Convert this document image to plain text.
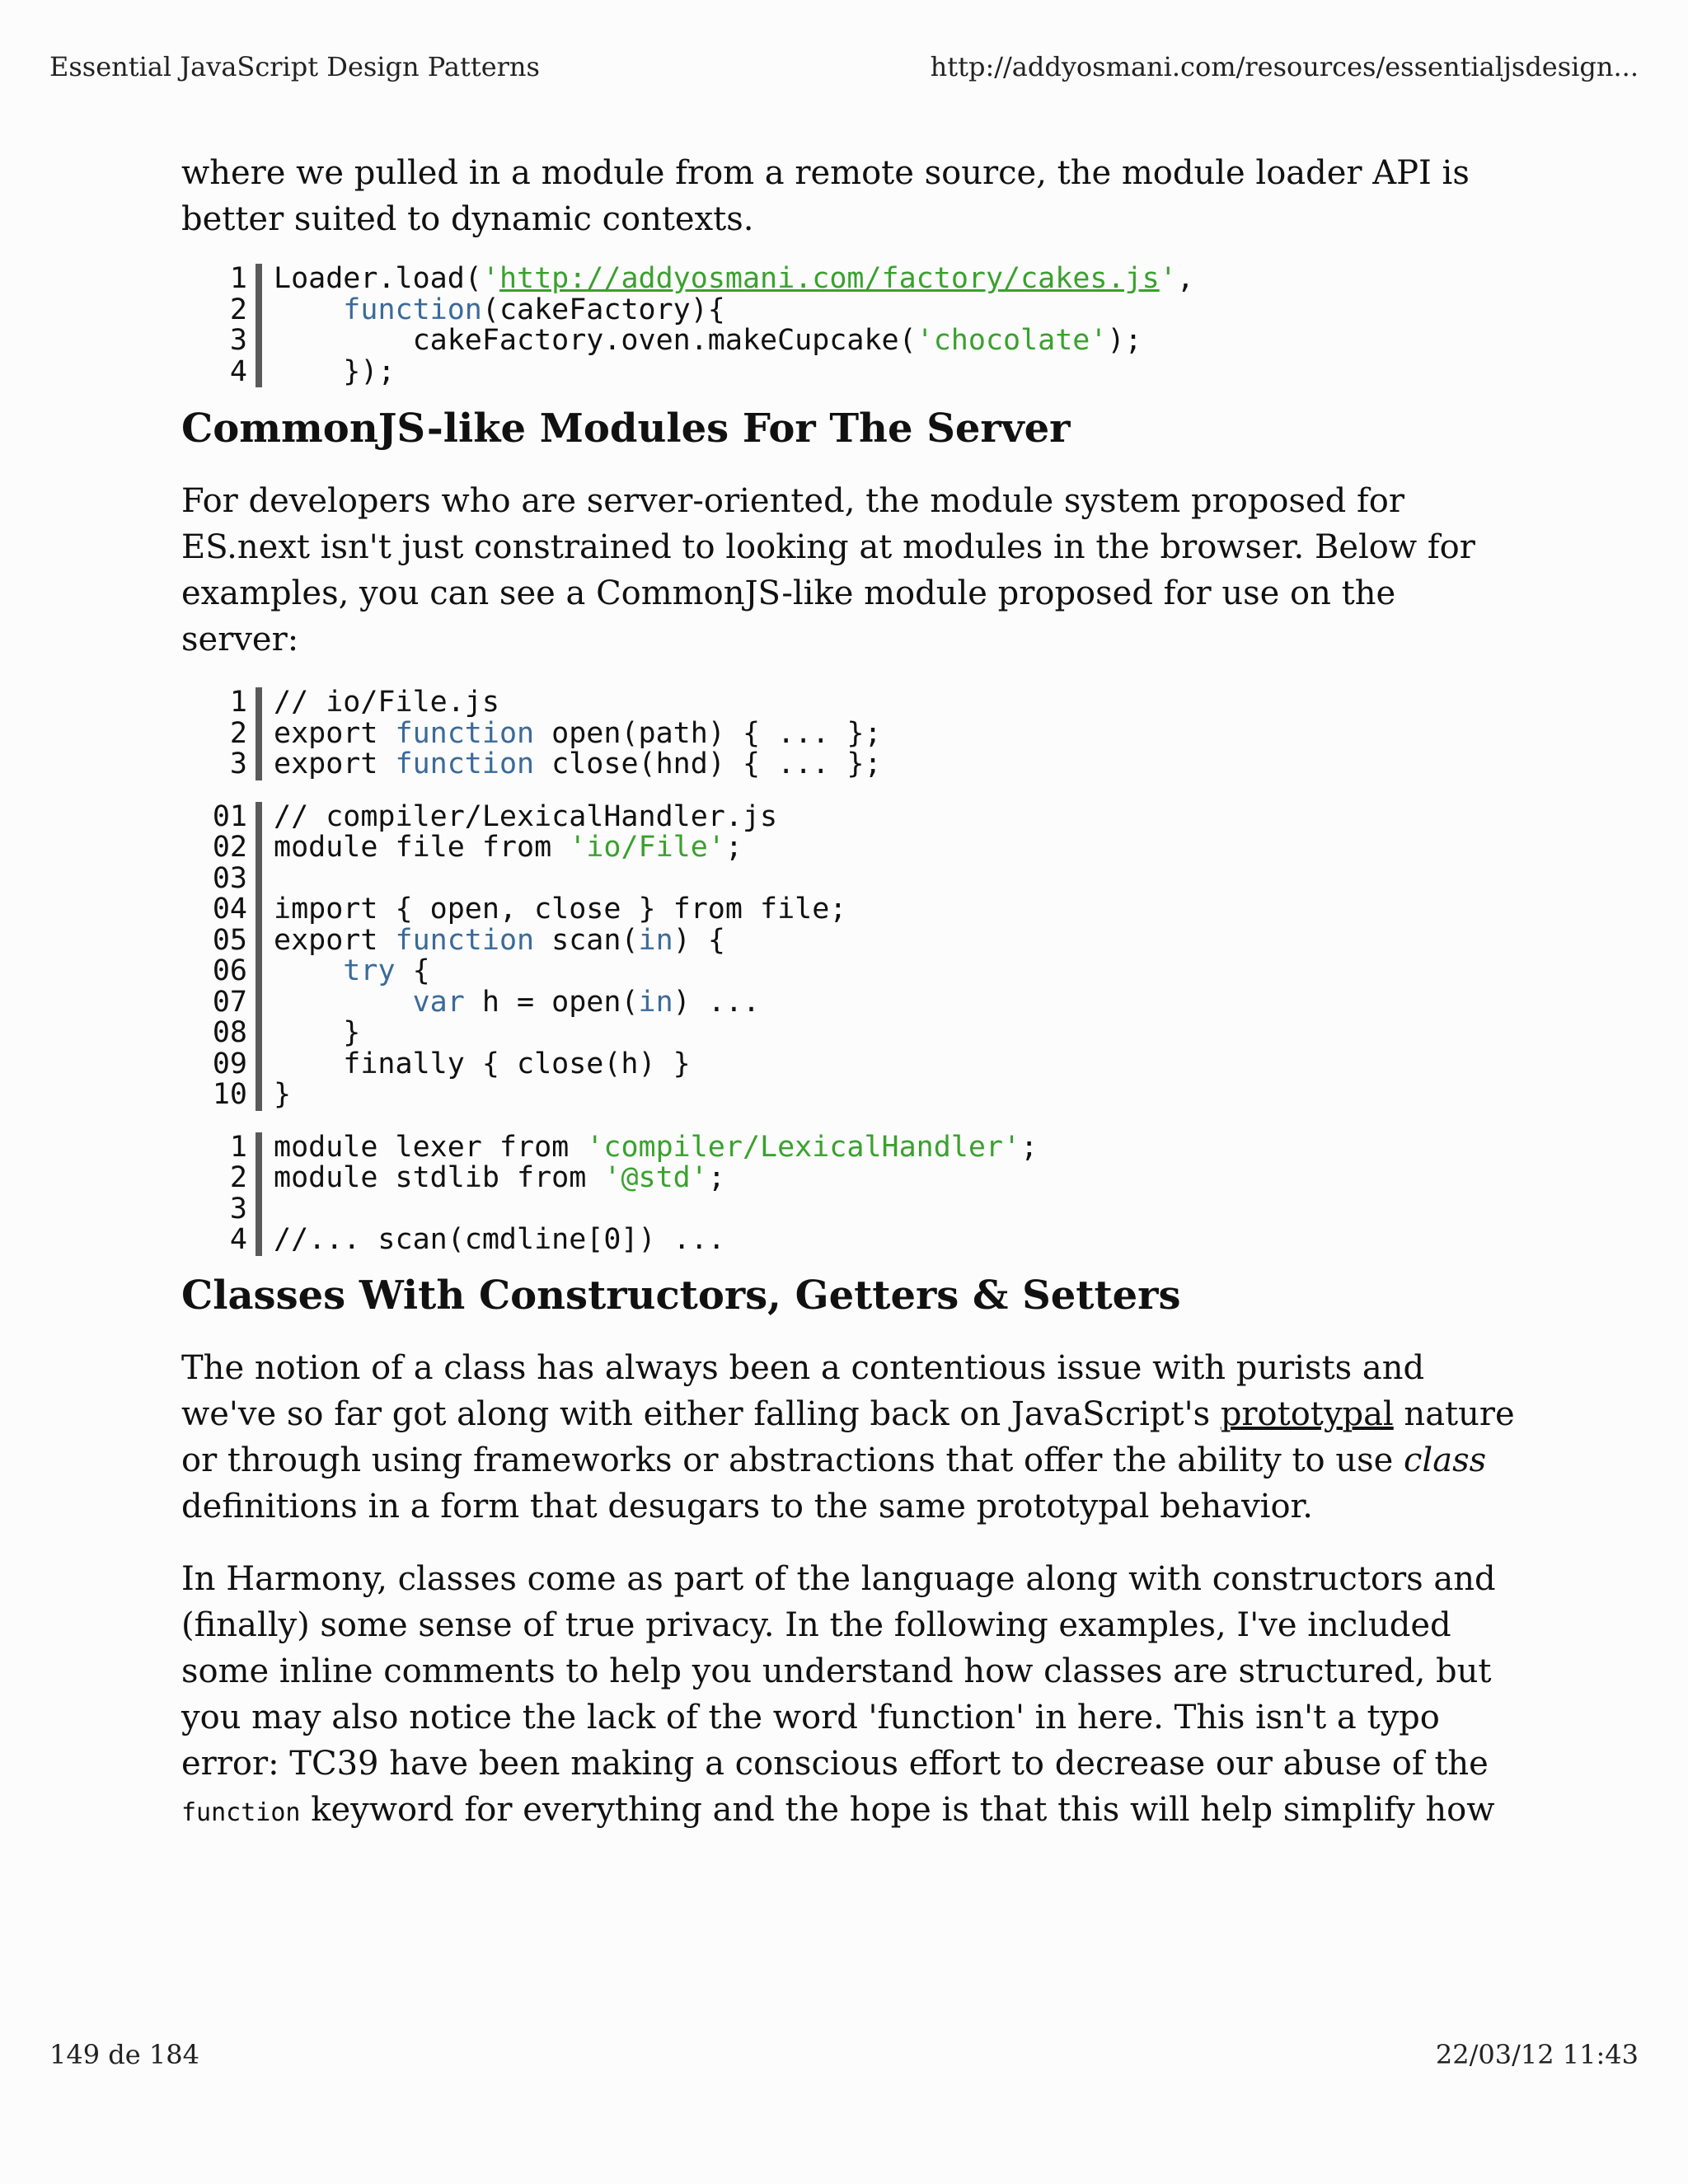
Essential JavaScript Design Patterns	http://addyosmani.com/resources/essentialjsdesign...

where we pulled in a module from a remote source, the module loader API is
better suited to dynamic contexts.

1 Loader.load('http://addyosmani.com/factory/cakes.js',
2	function(cakeFactory){
3 cakeFactory.oven.makeCupcake('chocolate');
4 });
CommonJS-like Modules For The Server

For developers who are server-oriented, the module system proposed for
ES.next isn't just constrained to looking at modules in the browser. Below for
examples, you can see a CommonJS-like module proposed for use on the
server:

1 // io/File.js
2 export function open(path) { ... };
3 export function close(hnd) { ... };
01 // compiler/LexicalHandler.js
02 module file from 'io/File';
03
04 import { open, close } from file;
05 export function scan(in) {
06	try {
07	var h = open(in) ...
08 }
09 finally { close(h) }
10 }
1 module lexer from 'compiler/LexicalHandler';
2 module stdlib from '@std';
3
4 //... scan(cmdline[0]) ...
Classes With Constructors, Getters & Setters

The notion of a class has always been a contentious issue with purists and
we've so far got along with either falling back on JavaScript's prototypal nature
or through using frameworks or abstractions that offer the ability to use class
definitions in a form that desugars to the same prototypal behavior.

In Harmony, classes come as part of the language along with constructors and
(finally) some sense of true privacy. In the following examples, I've included
some inline comments to help you understand how classes are structured, but
you may also notice the lack of the word 'function' in here. This isn't a typo
error: TC39 have been making a conscious effort to decrease our abuse of the
function keyword for everything and the hope is that this will help simplify how

149 de 184	22/03/12 11:43
